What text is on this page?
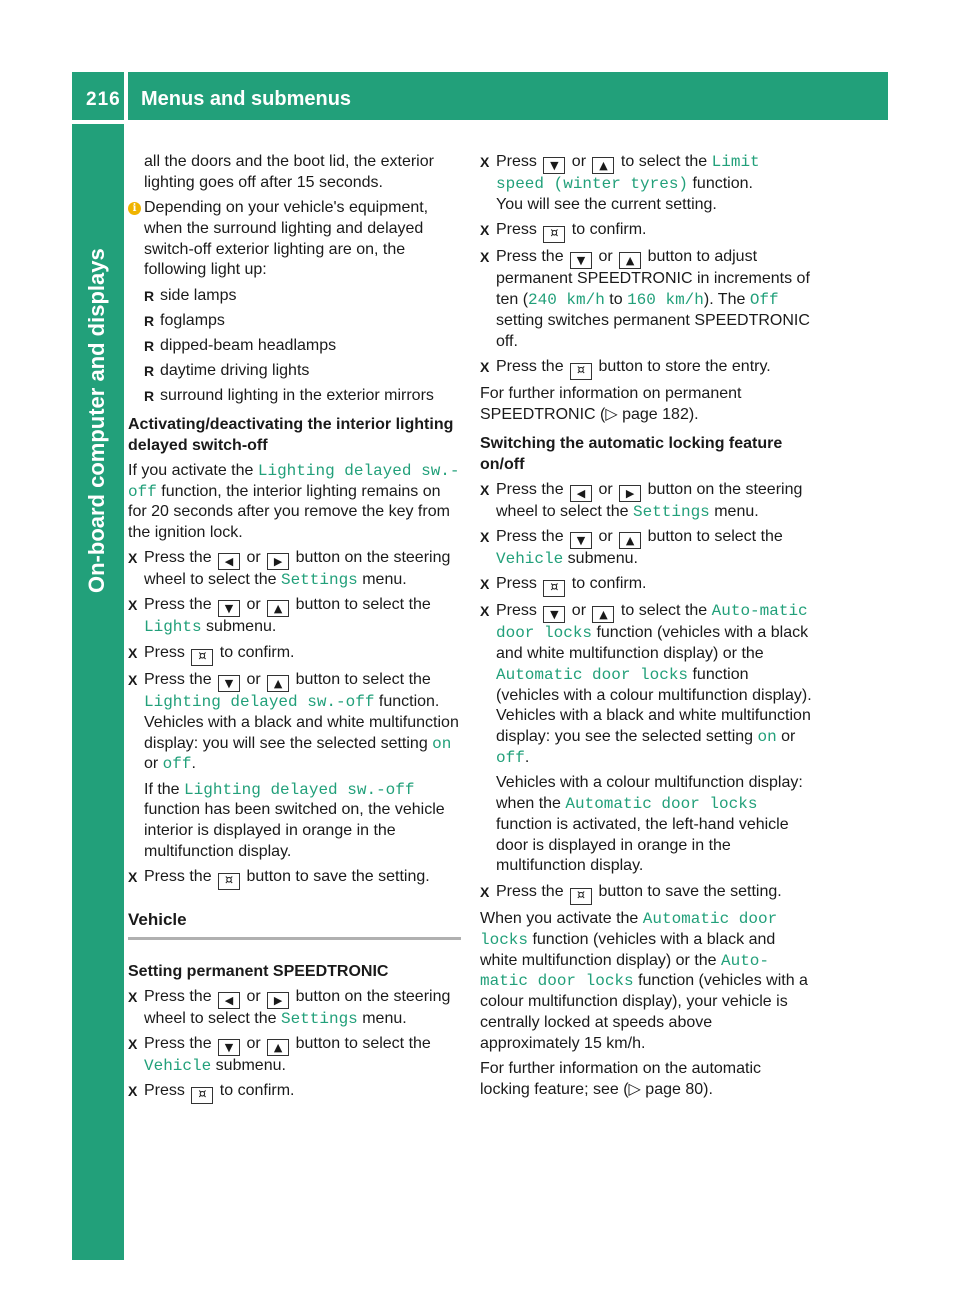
216 Menus and submenus
On-board computer and displays

all the doors and the boot lid, the exterior lighting goes off after 15 seconds.

i Depending on your vehicle's equipment, when the surround lighting and delayed switch-off exterior lighting are on, the following light up:

R side lamps

R foglamps

R dipped-beam headlamps

R daytime driving lights

R surround lighting in the exterior mirrors

Activating/deactivating the interior lighting delayed switch-off

If you activate the Lighting delayed sw.-off function, the interior lighting remains on for 20 seconds after you remove the key from the ignition lock.

X Press the ◀ or ▶ button on the steering wheel to select the Settings menu.

X Press the ▼ or ▲ button to select the Lights submenu.

X Press ¤ to confirm.

X Press the ▼ or ▲ button to select the Lighting delayed sw.-off function.

Vehicles with a black and white multifunction display: you will see the selected setting on or off.

If the Lighting delayed sw.-off function has been switched on, the vehicle interior is displayed in orange in the multifunction display.

X Press the ¤ button to save the setting.

Vehicle

Setting permanent SPEEDTRONIC

X Press the ◀ or ▶ button on the steering wheel to select the Settings menu.

X Press the ▼ or ▲ button to select the Vehicle submenu.

X Press ¤ to confirm.

X Press ▼ or ▲ to select the Limit speed (winter tyres) function.

You will see the current setting.

X Press ¤ to confirm.

X Press the ▼ or ▲ button to adjust permanent SPEEDTRONIC in increments of ten (240 km/h to 160 km/h). The Off setting switches permanent SPEEDTRONIC off.

X Press the ¤ button to store the entry.

For further information on permanent SPEEDTRONIC (▷ page 182).

Switching the automatic locking feature on/off

X Press the ◀ or ▶ button on the steering wheel to select the Settings menu.

X Press the ▼ or ▲ button to select the Vehicle submenu.

X Press ¤ to confirm.

X Press ▼ or ▲ to select the Auto‐matic door locks function (vehicles with a black and white multifunction display) or the Automatic door locks function (vehicles with a colour multifunction display).

Vehicles with a black and white multifunction display: you see the selected setting on or off.

Vehicles with a colour multifunction display: when the Automatic door locks function is activated, the left-hand vehicle door is displayed in orange in the multifunction display.

X Press the ¤ button to save the setting.

When you activate the Automatic door locks function (vehicles with a black and white multifunction display) or the Auto‐matic door locks function (vehicles with a colour multifunction display), your vehicle is centrally locked at speeds above approximately 15 km/h.

For further information on the automatic locking feature; see (▷ page 80).
